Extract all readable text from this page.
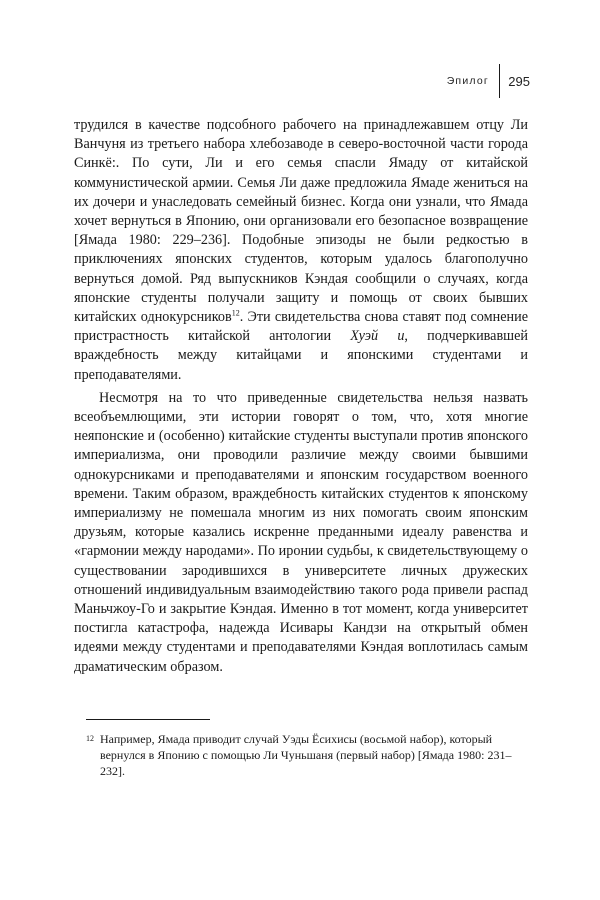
Эпилог 295

трудился в качестве подсобного рабочего на принадлежавшем отцу Ли Ванчуня из третьего набора хлебозаводе в северо-восточной части города Синкё:. По сути, Ли и его семья спасли Ямаду от китайской коммунистической армии. Семья Ли даже предложила Ямаде жениться на их дочери и унаследовать семейный бизнес. Когда они узнали, что Ямада хочет вернуться в Японию, они организовали его безопасное возвращение [Ямада 1980: 229–236]. Подобные эпизоды не были редкостью в приключениях японских студентов, которым удалось благополучно вернуться домой. Ряд выпускников Кэндая сообщили о случаях, когда японские студенты получали защиту и помощь от своих бывших китайских однокурсников$^{12}$. Эти свидетельства снова ставят под сомнение пристрастность китайской антологии Хуэй и, подчеркивавшей враждебность между китайцами и японскими студентами и преподавателями.

Несмотря на то что приведенные свидетельства нельзя назвать всеобъемлющими, эти истории говорят о том, что, хотя многие неяпонские и (особенно) китайские студенты выступали против японского империализма, они проводили различие между своими бывшими однокурсниками и преподавателями и японским государством военного времени. Таким образом, враждебность китайских студентов к японскому империализму не помешала многим из них помогать своим японским друзьям, которые казались искренне преданными идеалу равенства и «гармонии между народами». По иронии судьбы, к свидетельствующему о существовании зародившихся в университете личных дружеских отношений индивидуальным взаимодействию такого рода привели распад Маньчжоу-Го и закрытие Кэндая. Именно в тот момент, когда университет постигла катастрофа, надежда Исивары Кандзи на открытый обмен идеями между студентами и преподавателями Кэндая воплотилась самым драматическим образом.

12 Например, Ямада приводит случай Уэды Ёсихисы (восьмой набор), который вернулся в Японию с помощью Ли Чуньшаня (первый набор) [Ямада 1980: 231–232].
